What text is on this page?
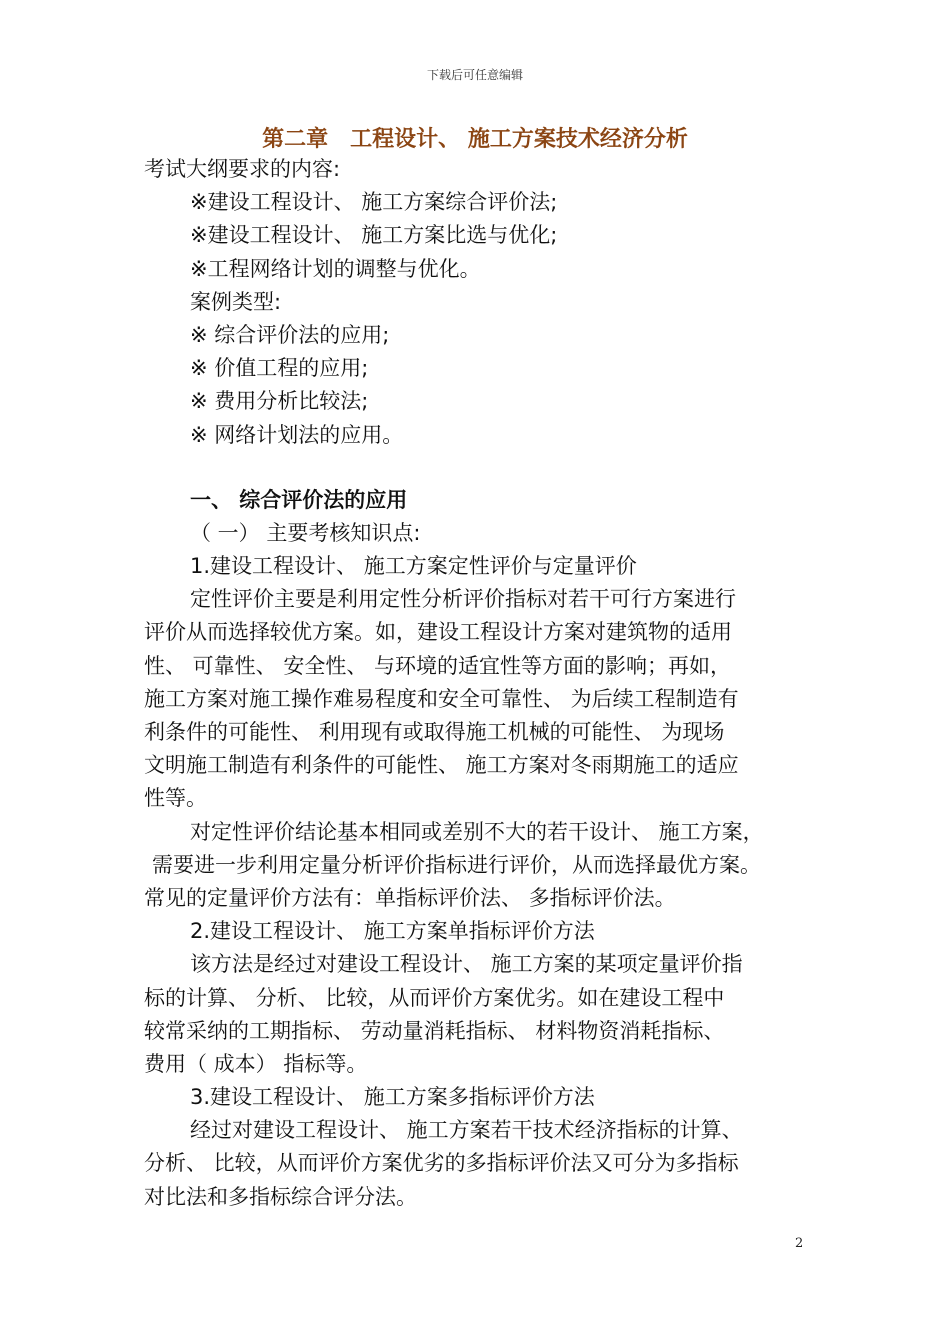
下载后可任意编辑
第二章　工程设计、 施工方案技术经济分析
考试大纲要求的内容:
※建设工程设计、 施工方案综合评价法;
※建设工程设计、 施工方案比选与优化;
※工程网络计划的调整与优化。
案例类型:
※ 综合评价法的应用;
※ 价值工程的应用;
※ 费用分析比较法;
※ 网络计划法的应用。
一、 综合评价法的应用
（ 一） 主要考核知识点:
1.建设工程设计、 施工方案定性评价与定量评价
定性评价主要是利用定性分析评价指标对若干可行方案进行
评价从而选择较优方案。如，建设工程设计方案对建筑物的适用
性、 可靠性、 安全性、 与环境的适宜性等方面的影响；再如，
施工方案对施工操作难易程度和安全可靠性、 为后续工程制造有
利条件的可能性、 利用现有或取得施工机械的可能性、 为现场
文明施工制造有利条件的可能性、 施工方案对冬雨期施工的适应
性等。
对定性评价结论基本相同或差别不大的若干设计、 施工方案，
需要进一步利用定量分析评价指标进行评价，从而选择最优方案。
常见的定量评价方法有：单指标评价法、 多指标评价法。
2.建设工程设计、 施工方案单指标评价方法
该方法是经过对建设工程设计、 施工方案的某项定量评价指
标的计算、 分析、 比较，从而评价方案优劣。如在建设工程中
较常采纳的工期指标、 劳动量消耗指标、 材料物资消耗指标、
费用（ 成本） 指标等。
3.建设工程设计、 施工方案多指标评价方法
经过对建设工程设计、 施工方案若干技术经济指标的计算、
分析、 比较，从而评价方案优劣的多指标评价法又可分为多指标
对比法和多指标综合评分法。
2
